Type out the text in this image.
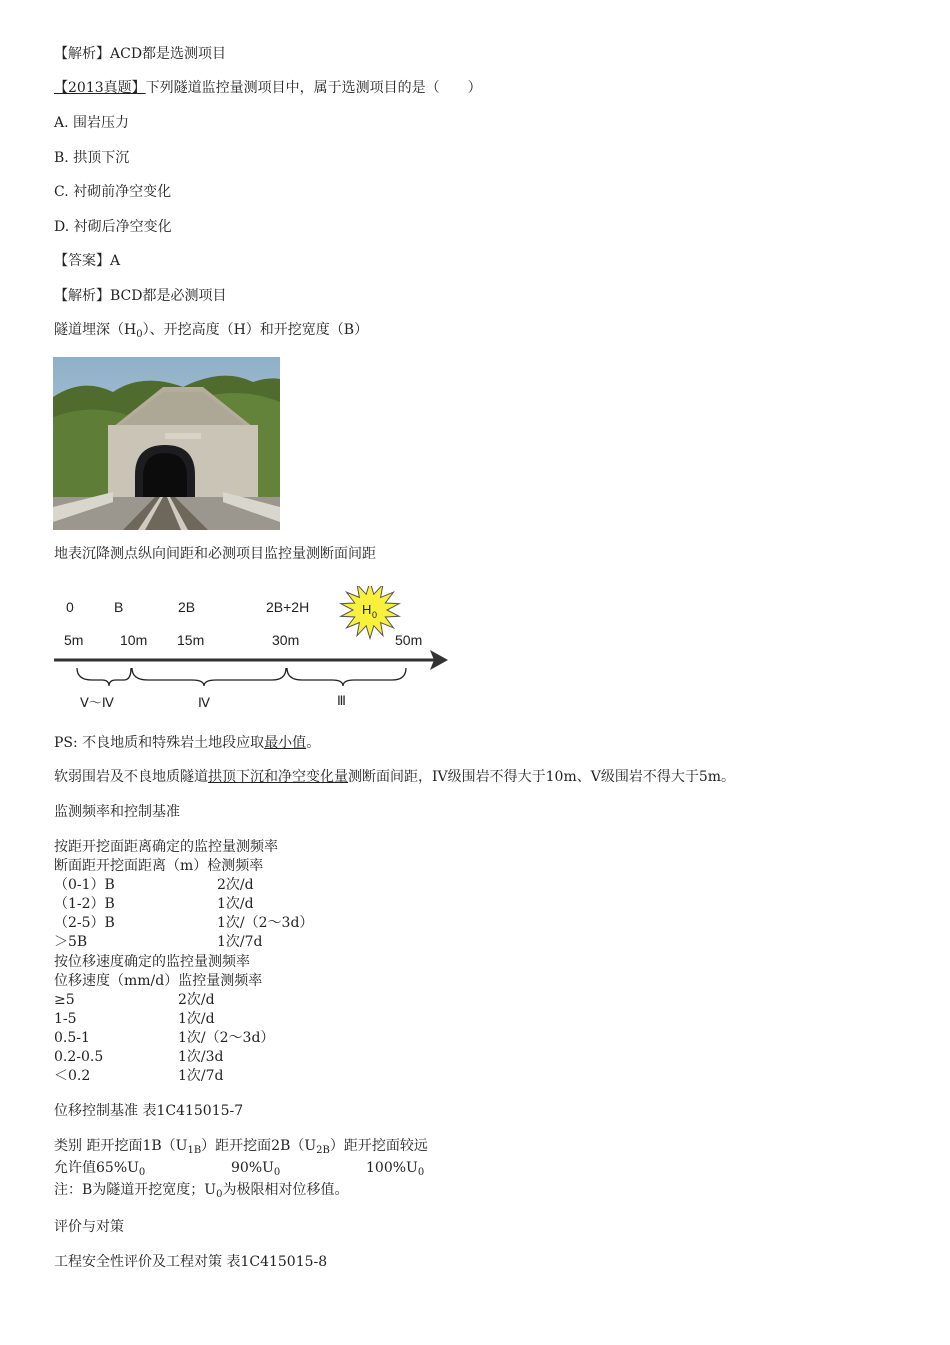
【解析】ACD都是选测项目
【2013真题】下列隧道监控量测项目中，属于选测项目的是（　　）
A. 围岩压力
B. 拱顶下沉
C. 衬砌前净空变化
D. 衬砌后净空变化
【答案】A
【解析】BCD都是必测项目
隧道埋深$(H_0)$、开挖高度（H）和开挖宽度（B）
地表沉降测点纵向间距和必测项目监控量测断面间距
0	B	2B	2B+2H
5m	10m 15m	30m	50m
H 0
Ⅴ～Ⅳ	Ⅳ	Ⅲ
PS: 不良地质和特殊岩土地段应取最小值。
软弱围岩及不良地质隧道拱顶下沉和净空变化量测断面间距，IV级围岩不得大于10m、V级围岩不得大于5m。
监测频率和控制基准
按距开挖面距离确定的监控量测频率
断面距开挖面距离（m）检测频率
（0-1）B	2次/d
（1-2）B	1次/d
（2-5）B	1次/（2～3d）
＞5B	1次/7d
按位移速度确定的监控量测频率
位移速度（mm/d）监控量测频率
≥5	2次/d
1-5	1次/d
0.5-1	1次/（2～3d）
0.2-0.5	1次/3d
＜0.2	1次/7d
位移控制基准 表1C415015-7
类别 距开挖面$1B(U_{1B})$距开挖面$2B(U_{2B})$距开挖面较远
允许值$65\%U_0$	$90\%U_0$	$100\%U_0$
注：B为隧道开挖宽度；$U_0$为极限相对位移值。
评价与对策
工程安全性评价及工程对策 表1C415015-8
